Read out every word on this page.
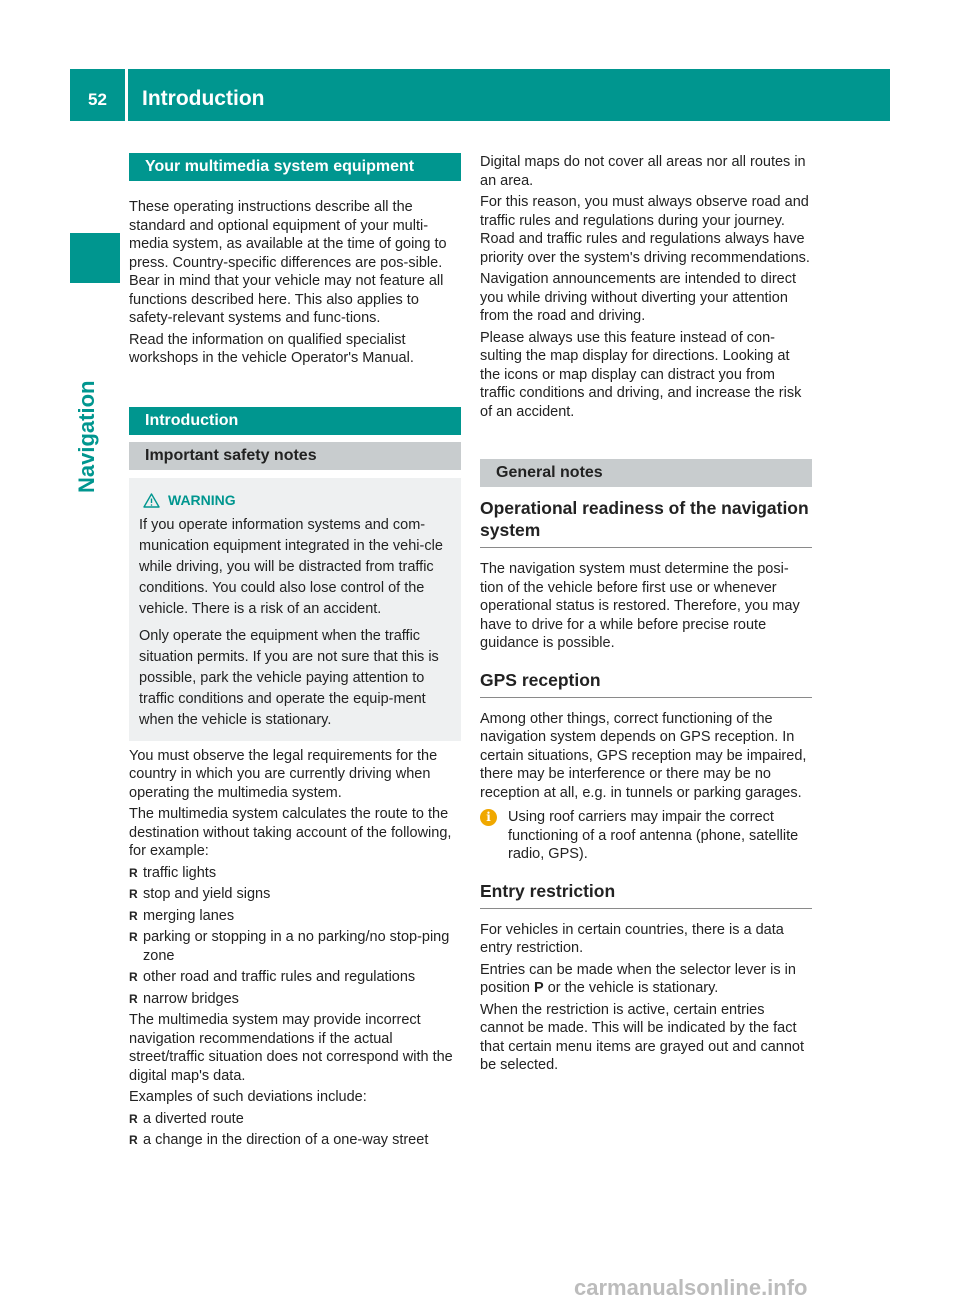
52	Introduction
Navigation
Your multimedia system equipment

These operating instructions describe all the standard and optional equipment of your multi-media system, as available at the time of going to press. Country-specific differences are pos-sible. Bear in mind that your vehicle may not feature all functions described here. This also applies to safety-relevant systems and func-tions.

Read the information on qualified specialist workshops in the vehicle Operator's Manual.

Introduction
Important safety notes
WARNING

If you operate information systems and com-munication equipment integrated in the vehi-cle while driving, you will be distracted from traffic conditions. You could also lose control of the vehicle. There is a risk of an accident.

Only operate the equipment when the traffic situation permits. If you are not sure that this is possible, park the vehicle paying attention to traffic conditions and operate the equip-ment when the vehicle is stationary.

You must observe the legal requirements for the country in which you are currently driving when operating the multimedia system.

The multimedia system calculates the route to the destination without taking account of the following, for example:

R traffic lights
R stop and yield signs
R merging lanes
R parking or stopping in a no parking/no stop-ping zone
R other road and traffic rules and regulations
R narrow bridges

The multimedia system may provide incorrect navigation recommendations if the actual street/traffic situation does not correspond with the digital map's data.

Examples of such deviations include:

R a diverted route
R a change in the direction of a one-way street

Digital maps do not cover all areas nor all routes in an area.

For this reason, you must always observe road and traffic rules and regulations during your journey. Road and traffic rules and regulations always have priority over the system's driving recommendations.

Navigation announcements are intended to direct you while driving without diverting your attention from the road and driving.

Please always use this feature instead of con-sulting the map display for directions. Looking at the icons or map display can distract you from traffic conditions and driving, and increase the risk of an accident.

General notes
Operational readiness of the navigation system

The navigation system must determine the posi-tion of the vehicle before first use or whenever operational status is restored. Therefore, you may have to drive for a while before precise route guidance is possible.

GPS reception

Among other things, correct functioning of the navigation system depends on GPS reception. In certain situations, GPS reception may be impaired, there may be interference or there may be no reception at all, e.g. in tunnels or parking garages.

i	Using roof carriers may impair the correct functioning of a roof antenna (phone, satellite radio, GPS).
Entry restriction

For vehicles in certain countries, there is a data entry restriction.

Entries can be made when the selector lever is in position P or the vehicle is stationary.

When the restriction is active, certain entries cannot be made. This will be indicated by the fact that certain menu items are grayed out and cannot be selected.

carmanualsonline.info
